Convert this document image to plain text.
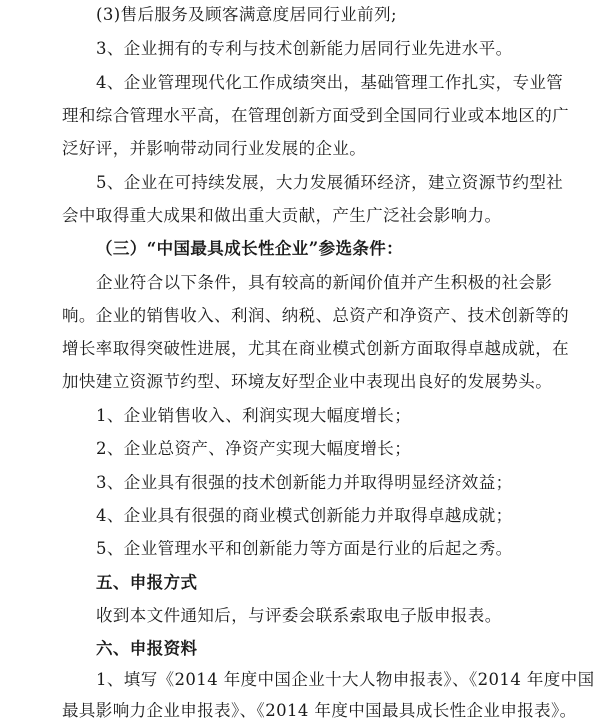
(3)售后服务及顾客满意度居同行业前列;
3、企业拥有的专利与技术创新能力居同行业先进水平。
4、企业管理现代化工作成绩突出，基础管理工作扎实，专业管
理和综合管理水平高，在管理创新方面受到全国同行业或本地区的广
泛好评，并影响带动同行业发展的企业。
5、企业在可持续发展，大力发展循环经济，建立资源节约型社
会中取得重大成果和做出重大贡献，产生广泛社会影响力。
（三）“中国最具成长性企业”参选条件：
企业符合以下条件，具有较高的新闻价值并产生积极的社会影
响。企业的销售收入、利润、纳税、总资产和净资产、技术创新等的
增长率取得突破性进展，尤其在商业模式创新方面取得卓越成就，在
加快建立资源节约型、环境友好型企业中表现出良好的发展势头。
1、企业销售收入、利润实现大幅度增长；
2、企业总资产、净资产实现大幅度增长；
3、企业具有很强的技术创新能力并取得明显经济效益；
4、企业具有很强的商业模式创新能力并取得卓越成就；
5、企业管理水平和创新能力等方面是行业的后起之秀。
五、申报方式
收到本文件通知后，与评委会联系索取电子版申报表。
六、申报资料
1、填写《2014 年度中国企业十大人物申报表》、《2014 年度中国
最具影响力企业申报表》、《2014 年度中国最具成长性企业申报表》。
